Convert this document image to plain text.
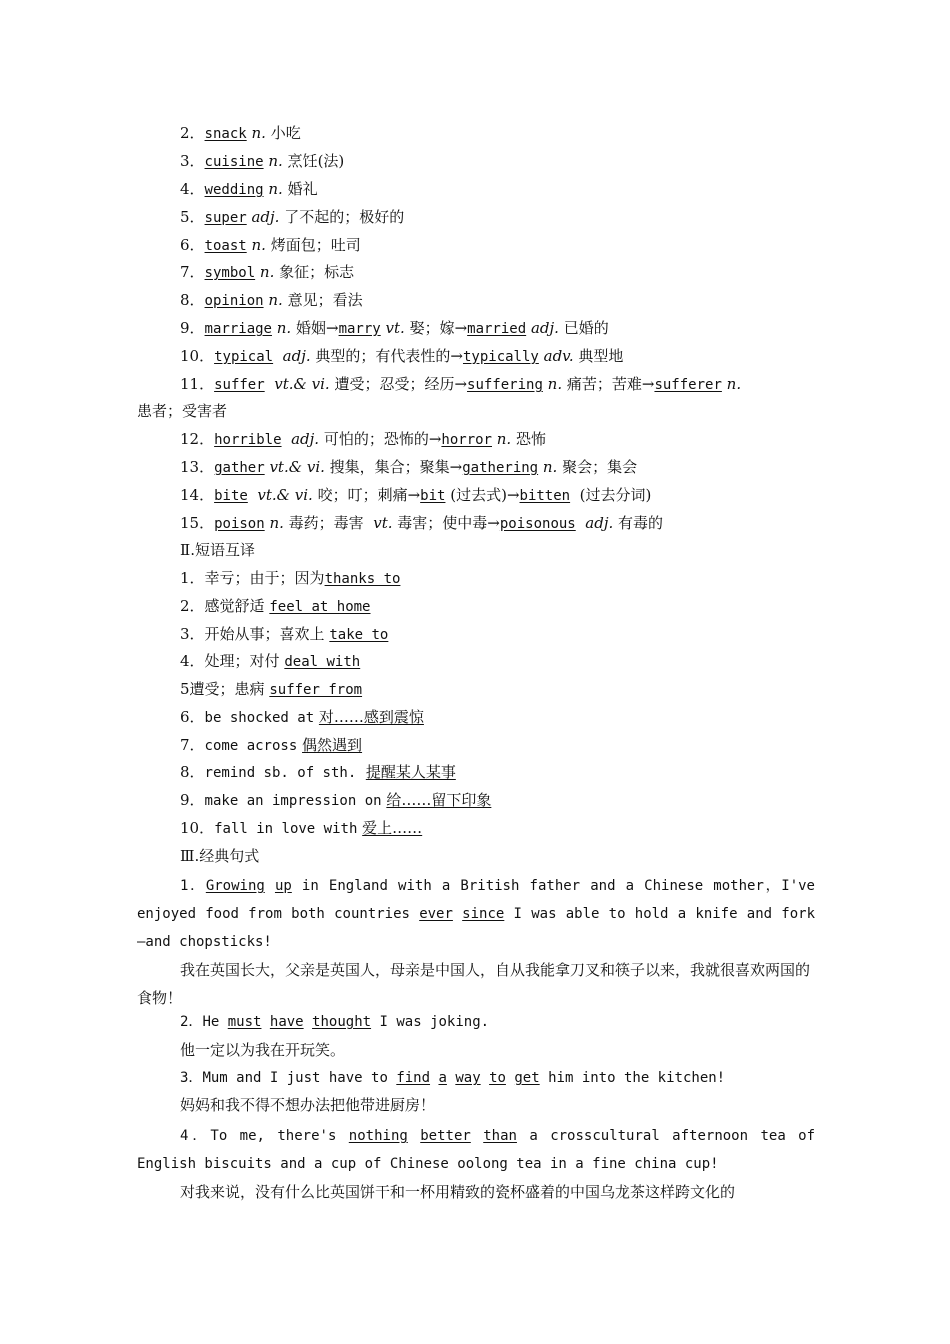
2．snack n. 小吃
3．cuisine n. 烹饪(法)
4．wedding n. 婚礼
5．super adj. 了不起的；极好的
6．toast n. 烤面包；吐司
7．symbol n. 象征；标志
8．opinion n. 意见；看法
9．marriage n. 婚姻→marry vt. 娶；嫁→married adj. 已婚的
10．typical adj. 典型的；有代表性的→typically adv. 典型地
11．suffer vt.& vi. 遭受；忍受；经历→suffering n. 痛苦；苦难→sufferer n.
患者；受害者
12．horrible adj. 可怕的；恐怖的→horror n. 恐怖
13．gather vt.& vi. 搜集，集合；聚集→gathering n. 聚会；集会
14．bite vt.& vi. 咬；叮；刺痛→bit (过去式)→bitten (过去分词)
15．poison n. 毒药；毒害 vt. 毒害；使中毒→poisonous adj. 有毒的
Ⅱ.短语互译
1．幸亏；由于；因为thanks to
2．感觉舒适 feel at home
3．开始从事；喜欢上 take to
4．处理；对付 deal with
5遭受；患病 suffer from
6．be shocked at 对……感到震惊
7．come across 偶然遇到
8．remind sb. of sth. 提醒某人某事
9．make an impression on 给……留下印象
10．fall in love with 爱上……
Ⅲ.经典句式
1．Growing up in England with a British father and a Chinese mother，I've enjoyed food from both countries ever since I was able to hold a knife and fork —and chopsticks!
我在英国长大，父亲是英国人，母亲是中国人，自从我能拿刀叉和筷子以来，我就很喜欢两国的食物！
2．He must have thought I was joking.
他一定以为我在开玩笑。
3．Mum and I just have to find a way to get him into the kitchen!
妈妈和我不得不想办法把他带进厨房！
4．To me, there's nothing better than a crosscultural afternoon tea of English biscuits and a cup of Chinese oolong tea in a fine china cup!
对我来说，没有什么比英国饼干和一杯用精致的瓷杯盛着的中国乌龙茶这样跨文化的
